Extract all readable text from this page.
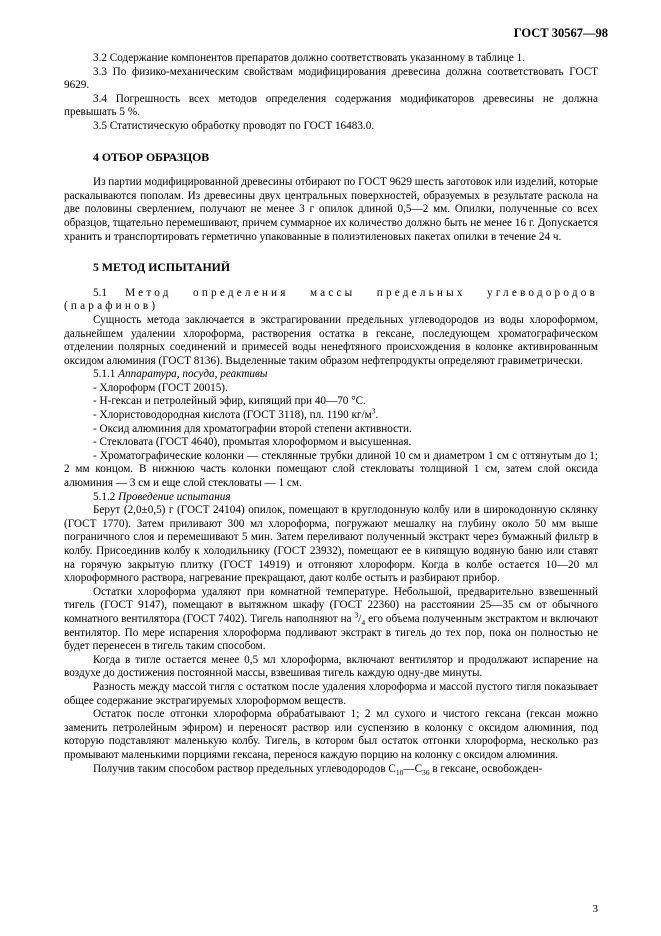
ГОСТ 30567—98

3.2 Содержание компонентов препаратов должно соответствовать указанному в таблице 1.

3.3 По физико-механическим свойствам модифицирования древесина должна соответствовать ГОСТ 9629.

3.4 Погрешность всех методов определения содержания модификаторов древесины не должна превышать 5 %.

3.5 Статистическую обработку проводят по ГОСТ 16483.0.

4 ОТБОР ОБРАЗЦОВ

Из партии модифицированной древесины отбирают по ГОСТ 9629 шесть заготовок или изделий, которые раскалываются пополам. Из древесины двух центральных поверхностей, образуемых в результате раскола на две половины сверлением, получают не менее 3 г опилок длиной 0,5—2 мм. Опилки, полученные со всех образцов, тщательно перемешивают, причем суммарное их количество должно быть не менее 16 г. Допускается хранить и транспортировать герметично упакованные в полиэтиленовых пакетах опилки в течение 24 ч.

5 МЕТОД ИСПЫТАНИЙ

5.1 Метод определения массы предельных углеводородов (парафинов)

Сущность метода заключается в экстрагировании предельных углеводородов из воды хлороформом, дальнейшем удалении хлороформа, растворения остатка в гексане, последующем хроматографическом отделении полярных соединений и примесей воды ненефтяного происхождения в колонке активированным оксидом алюминия (ГОСТ 8136). Выделенные таким образом нефтепродукты определяют гравиметрически.

5.1.1 Аппаратура, посуда, реактивы

- Хлороформ (ГОСТ 20015).

- Н-гексан и петролейный эфир, кипящий при 40—70 °С.

- Хлористоводородная кислота (ГОСТ 3118), пл. 1190 $кг/м^3$.

- Оксид алюминия для хроматографии второй степени активности.

- Стекловата (ГОСТ 4640), промытая хлороформом и высушенная.

- Хроматографические колонки — стеклянные трубки длиной 10 см и диаметром 1 см с оттянутым до 1; 2 мм концом. В нижнюю часть колонки помещают слой стекловаты толщиной 1 см, затем слой оксида алюминия — 3 см и еще слой стекловаты — 1 см.

5.1.2 Проведение испытания

Берут (2,0±0,5) г (ГОСТ 24104) опилок, помещают в круглодонную колбу или в широкодонную склянку (ГОСТ 1770). Затем приливают 300 мл хлороформа, погружают мешалку на глубину около 50 мм выше пограничного слоя и перемешивают 5 мин. Затем переливают полученный экстракт через бумажный фильтр в колбу. Присоединив колбу к холодильнику (ГОСТ 23932), помещают ее в кипящую водяную баню или ставят на горячую закрытую плитку (ГОСТ 14919) и отгоняют хлороформ. Когда в колбе остается 10—20 мл хлороформного раствора, нагревание прекращают, дают колбе остыть и разбирают прибор.

Остатки хлороформа удаляют при комнатной температуре. Небольшой, предварительно взвешенный тигель (ГОСТ 9147), помещают в вытяжном шкафу (ГОСТ 22360) на расстоянии 25—35 см от обычного комнатного вентилятора (ГОСТ 7402). Тигель наполняют на $^3/_4$ его объема полученным экстрактом и включают вентилятор. По мере испарения хлороформа подливают экстракт в тигель до тех пор, пока он полностью не будет перенесен в тигель таким способом.

Когда в тигле остается менее 0,5 мл хлороформа, включают вентилятор и продолжают испарение на воздухе до достижения постоянной массы, взвешивая тигель каждую одну-две минуты.

Разность между массой тигля с остатком после удаления хлороформа и массой пустого тигля показывает общее содержание экстрагируемых хлороформом веществ.

Остаток после отгонки хлороформа обрабатывают 1; 2 мл сухого и чистого гексана (гексан можно заменить петролейным эфиром) и переносят раствор или суспензию в колонку с оксидом алюминия, под которую подставляют маленькую колбу. Тигель, в котором был остаток отгонки хлороформа, несколько раз промывают маленькими порциями гексана, перенося каждую порцию на колонку с оксидом алюминия.

Получив таким способом раствор предельных углеводородов $C_{10}—C_{36}$ в гексане, освобожден-

3
